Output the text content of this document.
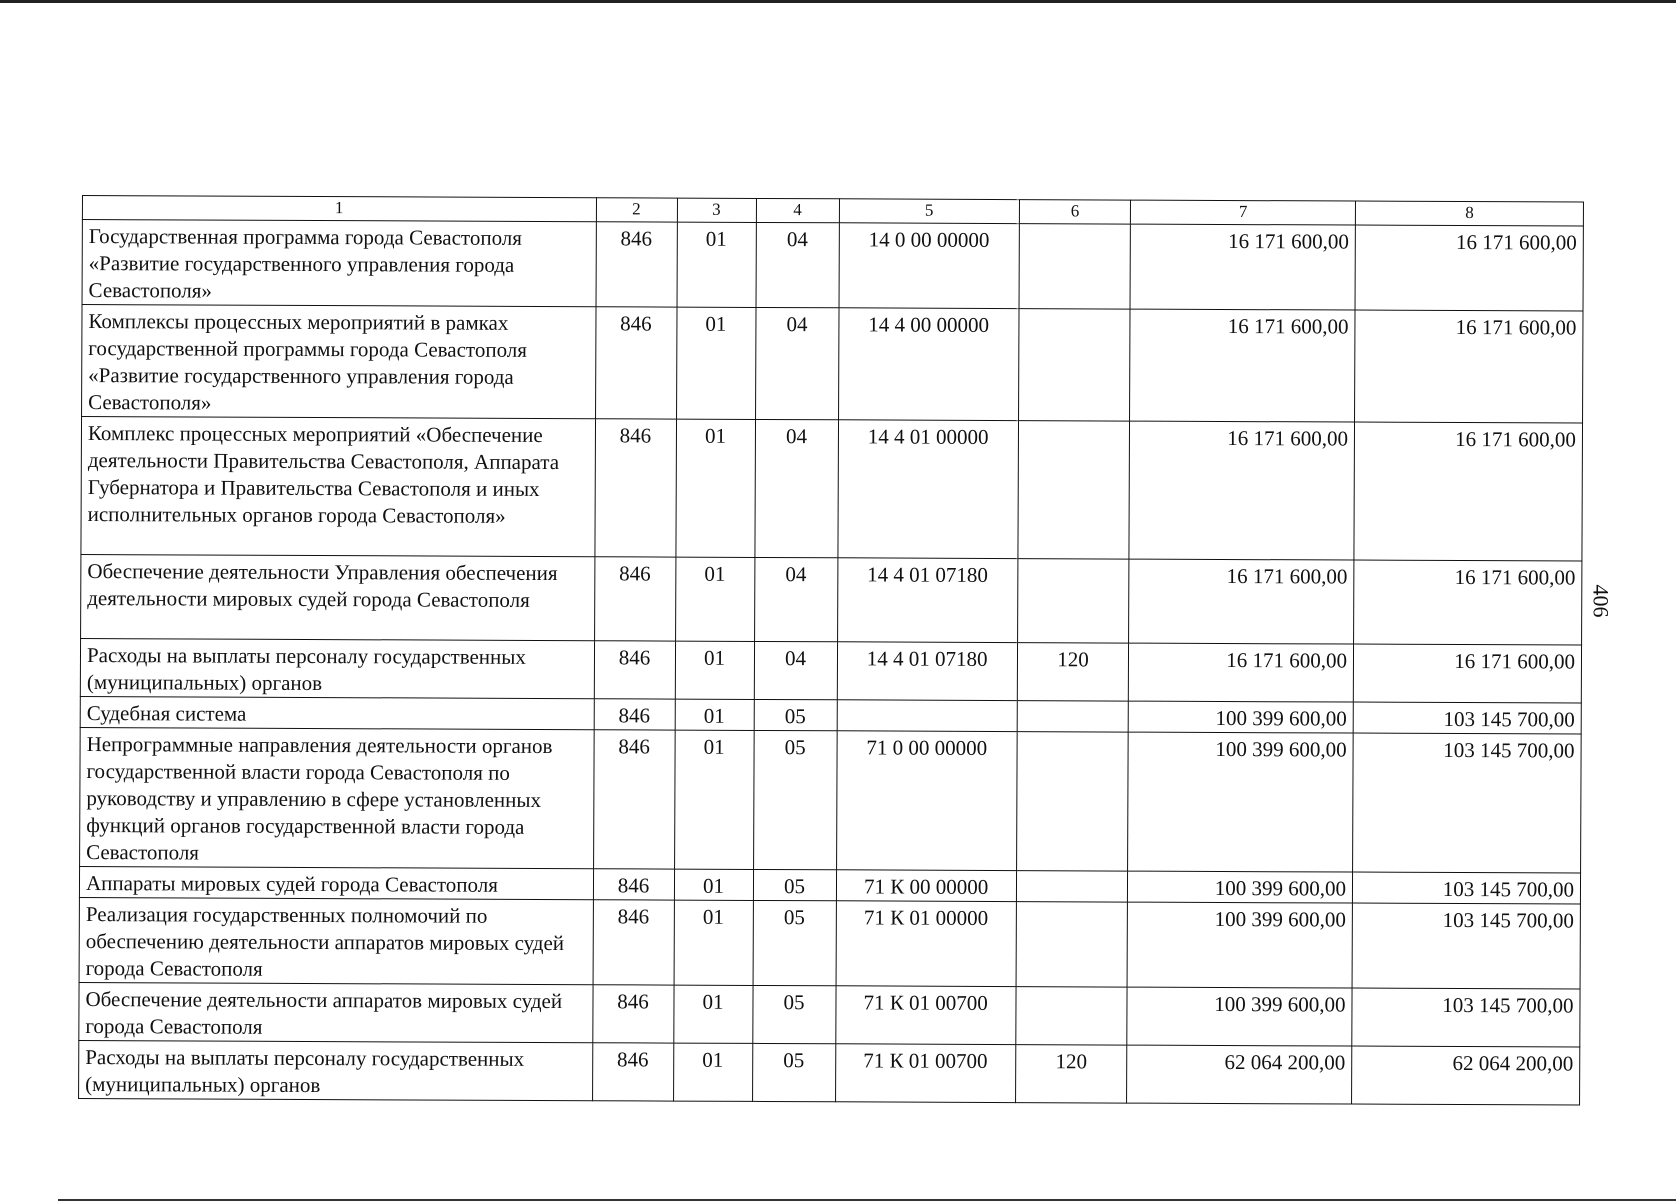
406
1	2	3	4	5	6	7	8
Государственная программа города Севастополя «Развитие государственного управления города Севастополя»	846	01	04	14 0 00 00000		16 171 600,00	16 171 600,00
Комплексы процессных мероприятий в рамках государственной программы города Севастополя «Развитие государственного управления города Севастополя»	846	01	04	14 4 00 00000		16 171 600,00	16 171 600,00
Комплекс процессных мероприятий «Обеспечение деятельности Правительства Севастополя, Аппарата Губернатора и Правительства Севастополя и иных исполнительных органов города Севастополя»	846	01	04	14 4 01 00000		16 171 600,00	16 171 600,00
Обеспечение деятельности Управления обеспечения деятельности мировых судей города Севастополя	846	01	04	14 4 01 07180		16 171 600,00	16 171 600,00
Расходы на выплаты персоналу государственных (муниципальных) органов	846	01	04	14 4 01 07180	120	16 171 600,00	16 171 600,00
Судебная система	846	01	05			100 399 600,00	103 145 700,00
Непрограммные направления деятельности органов государственной власти города Севастополя по руководству и управлению в сфере установленных функций органов государственной власти города Севастополя	846	01	05	71 0 00 00000		100 399 600,00	103 145 700,00
Аппараты мировых судей города Севастополя	846	01	05	71 К 00 00000		100 399 600,00	103 145 700,00
Реализация государственных полномочий по обеспечению деятельности аппаратов мировых судей города Севастополя	846	01	05	71 К 01 00000		100 399 600,00	103 145 700,00
Обеспечение деятельности аппаратов мировых судей города Севастополя	846	01	05	71 К 01 00700		100 399 600,00	103 145 700,00
Расходы на выплаты персоналу государственных (муниципальных) органов	846	01	05	71 К 01 00700	120	62 064 200,00	62 064 200,00
